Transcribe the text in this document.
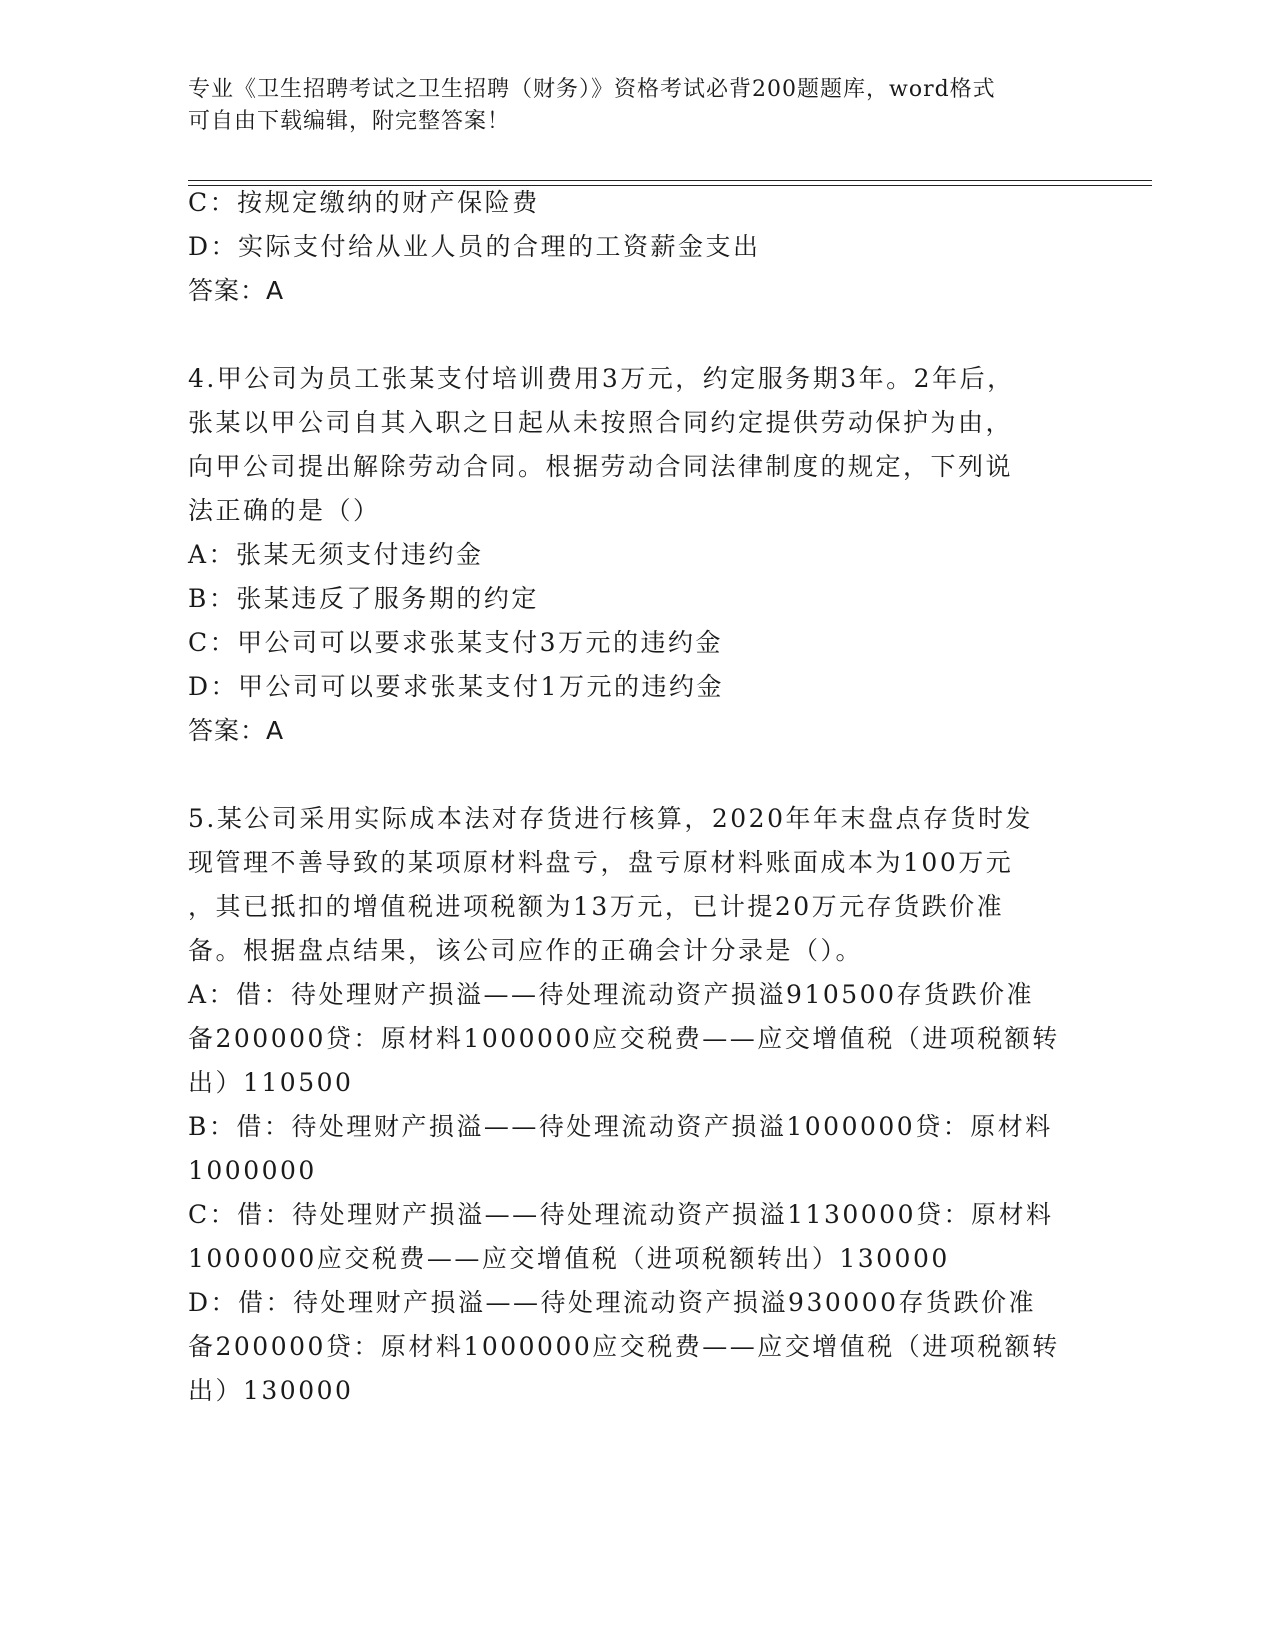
专业《卫生招聘考试之卫生招聘（财务）》资格考试必背200题题库，word格式
可自由下载编辑，附完整答案！
C：按规定缴纳的财产保险费
D：实际支付给从业人员的合理的工资薪金支出
答案：A
4.甲公司为员工张某支付培训费用3万元，约定服务期3年。2年后，
张某以甲公司自其入职之日起从未按照合同约定提供劳动保护为由，
向甲公司提出解除劳动合同。根据劳动合同法律制度的规定，下列说
法正确的是（）
A：张某无须支付违约金
B：张某违反了服务期的约定
C：甲公司可以要求张某支付3万元的违约金
D：甲公司可以要求张某支付1万元的违约金
答案：A
5.某公司采用实际成本法对存货进行核算，2020年年末盘点存货时发
现管理不善导致的某项原材料盘亏，盘亏原材料账面成本为100万元
，其已抵扣的增值税进项税额为13万元，已计提20万元存货跌价准
备。根据盘点结果，该公司应作的正确会计分录是（）。
A：借：待处理财产损溢——待处理流动资产损溢910500存货跌价准
备200000贷：原材料1000000应交税费——应交增值税（进项税额转
出）110500
B：借：待处理财产损溢——待处理流动资产损溢1000000贷：原材料
1000000
C：借：待处理财产损溢——待处理流动资产损溢1130000贷：原材料
1000000应交税费——应交增值税（进项税额转出）130000
D：借：待处理财产损溢——待处理流动资产损溢930000存货跌价准
备200000贷：原材料1000000应交税费——应交增值税（进项税额转
出）130000
